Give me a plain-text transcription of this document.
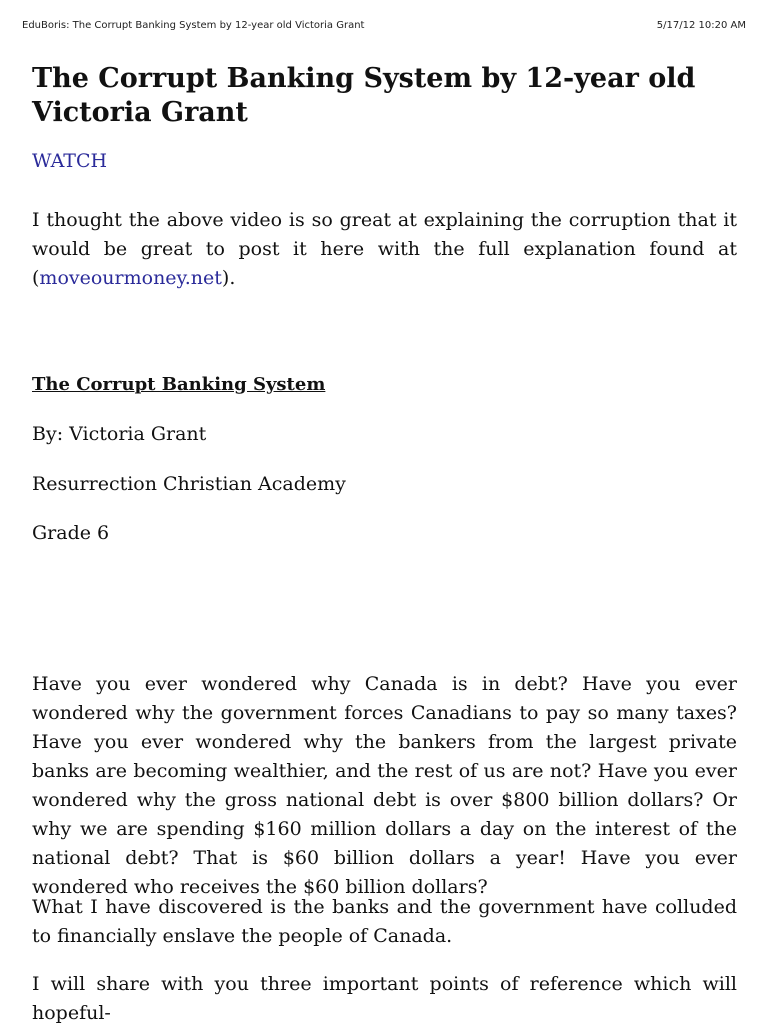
EduBoris: The Corrupt Banking System by 12-year old Victoria Grant	5/17/12 10:20 AM
The Corrupt Banking System by 12-year old Victoria Grant
WATCH

I thought the above video is so great at explaining the corruption that it would be great to post it here with the full explanation found at (moveourmoney.net).

The Corrupt Banking System

By: Victoria Grant

Resurrection Christian Academy

Grade 6

Have you ever wondered why Canada is in debt? Have you ever wondered why the government forces Canadians to pay so many taxes? Have you ever wondered why the bankers from the largest private banks are becoming wealthier, and the rest of us are not? Have you ever wondered why the gross national debt is over $800 billion dollars? Or why we are spending $160 million dollars a day on the interest of the national debt? That is $60 billion dollars a year! Have you ever wondered who receives the $60 billion dollars?

What I have discovered is the banks and the government have colluded to financially enslave the people of Canada.

I will share with you three important points of reference which will hopeful-
